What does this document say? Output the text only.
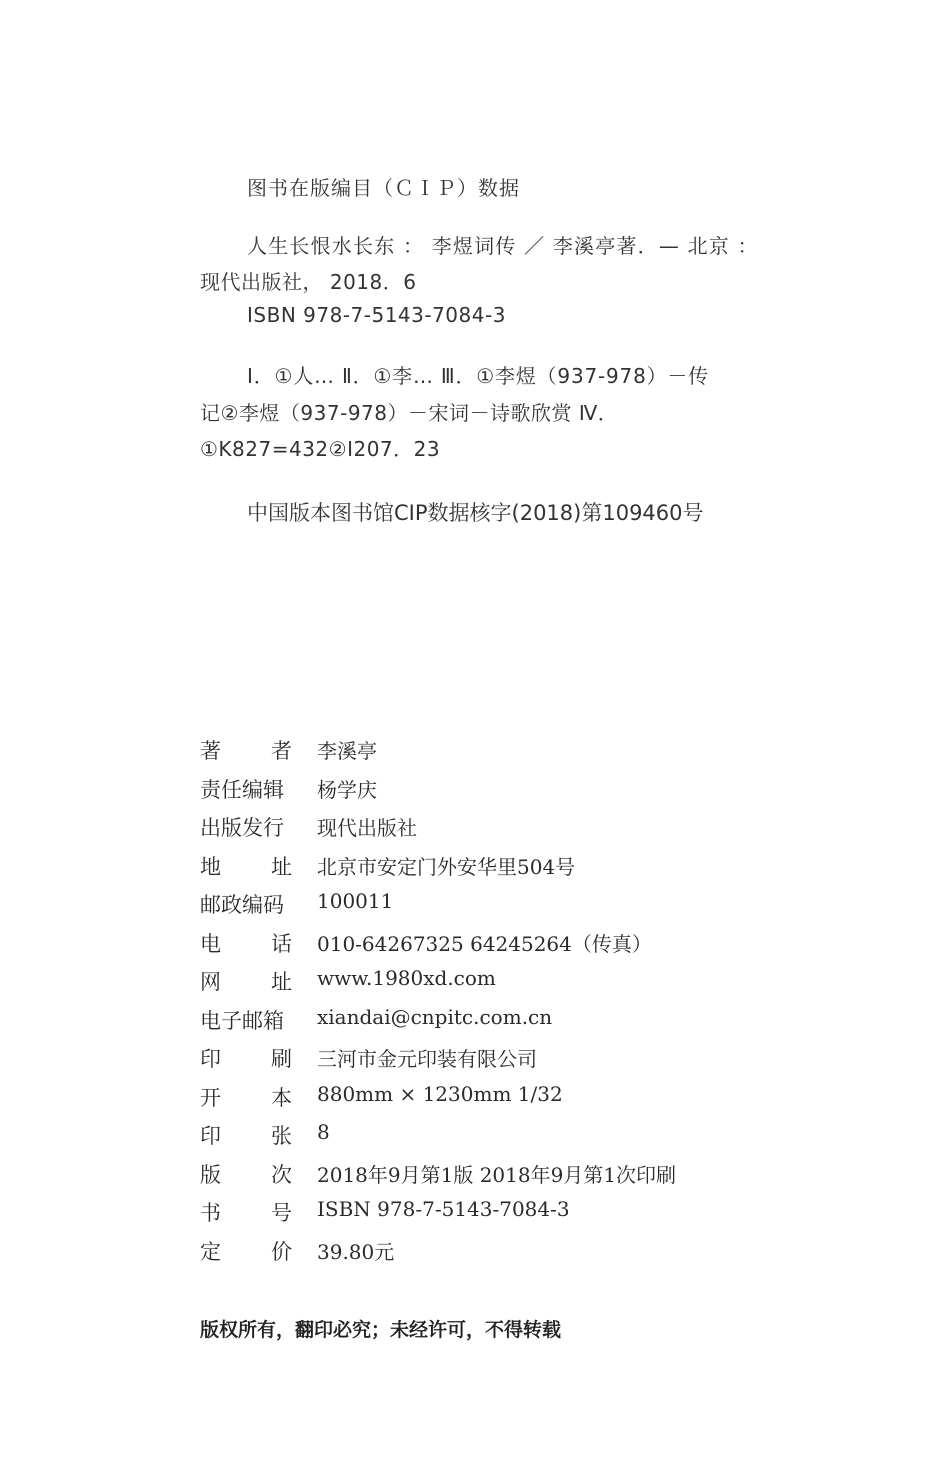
图书在版编目（ＣＩＰ）数据
人生长恨水长东 ： 李煜词传 ／ 李溪亭著．— 北京 ：
现代出版社， 2018．6
ISBN 978-7-5143-7084-3
Ⅰ．①人… Ⅱ．①李… Ⅲ．①李煜（937-978）－传
记②李煜（937-978）－宋词－诗歌欣赏 Ⅳ．
①K827=432②I207．23
中国版本图书馆CIP数据核字(2018)第109460号
著 者 李溪亭
责任编辑 杨学庆
出版发行 现代出版社
地 址 北京市安定门外安华里504号
邮政编码 100011
电 话 010-64267325 64245264（传真）
网 址 www.1980xd.com
电子邮箱 xiandai@cnpitc.com.cn
印 刷 三河市金元印装有限公司
开 本 880mm × 1230mm 1/32
印 张 8
版 次 2018年9月第1版 2018年9月第1次印刷
书 号 ISBN 978-7-5143-7084-3
定 价 39.80元
版权所有，翻印必究；未经许可，不得转载
